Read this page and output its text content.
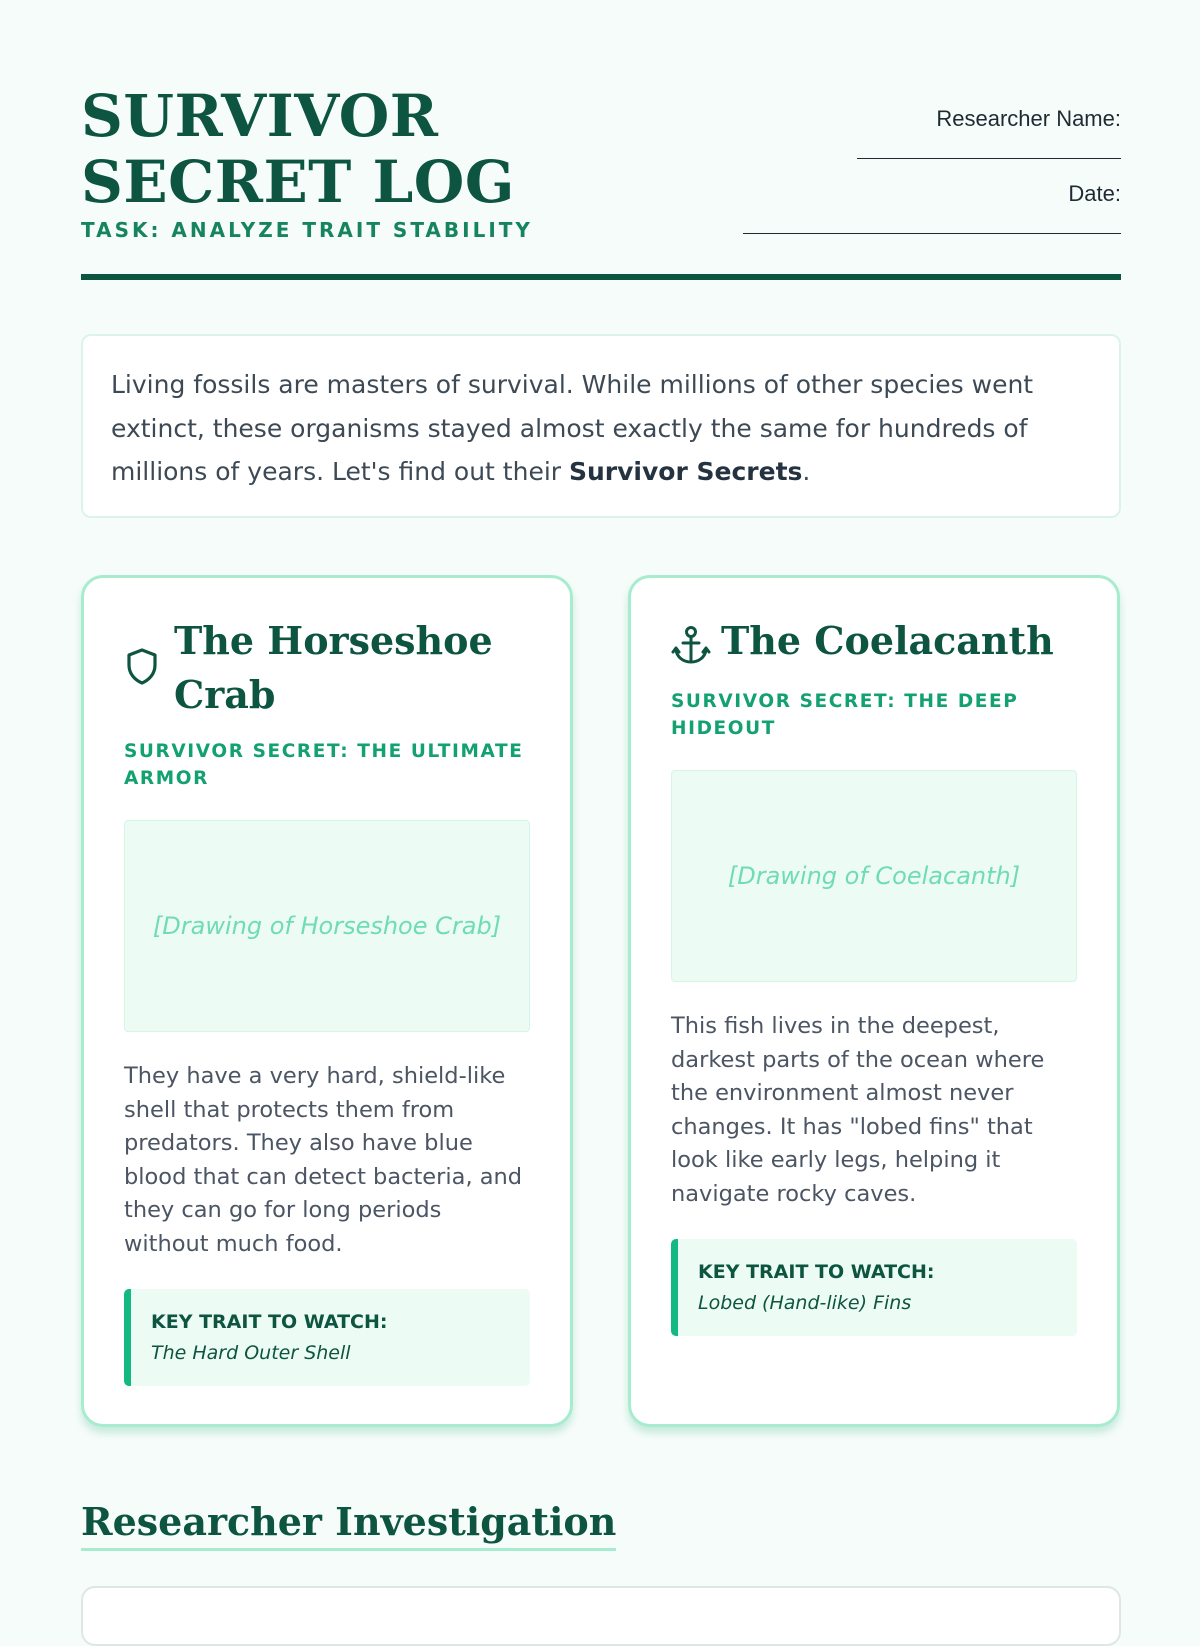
SURVIVOR SECRET LOG
TASK: ANALYZE TRAIT STABILITY
Researcher Name:
Date:
Living fossils are masters of survival. While millions of other species went extinct, these organisms stayed almost exactly the same for hundreds of millions of years. Let's find out their Survivor Secrets.
The Horseshoe Crab
SURVIVOR SECRET: THE ULTIMATE ARMOR
[Drawing of Horseshoe Crab]
They have a very hard, shield-like shell that protects them from predators. They also have blue blood that can detect bacteria, and they can go for long periods without much food.
KEY TRAIT TO WATCH:
The Hard Outer Shell
The Coelacanth
SURVIVOR SECRET: THE DEEP HIDEOUT
[Drawing of Coelacanth]
This fish lives in the deepest, darkest parts of the ocean where the environment almost never changes. It has "lobed fins" that look like early legs, helping it navigate rocky caves.
KEY TRAIT TO WATCH:
Lobed (Hand-like) Fins
Researcher Investigation
